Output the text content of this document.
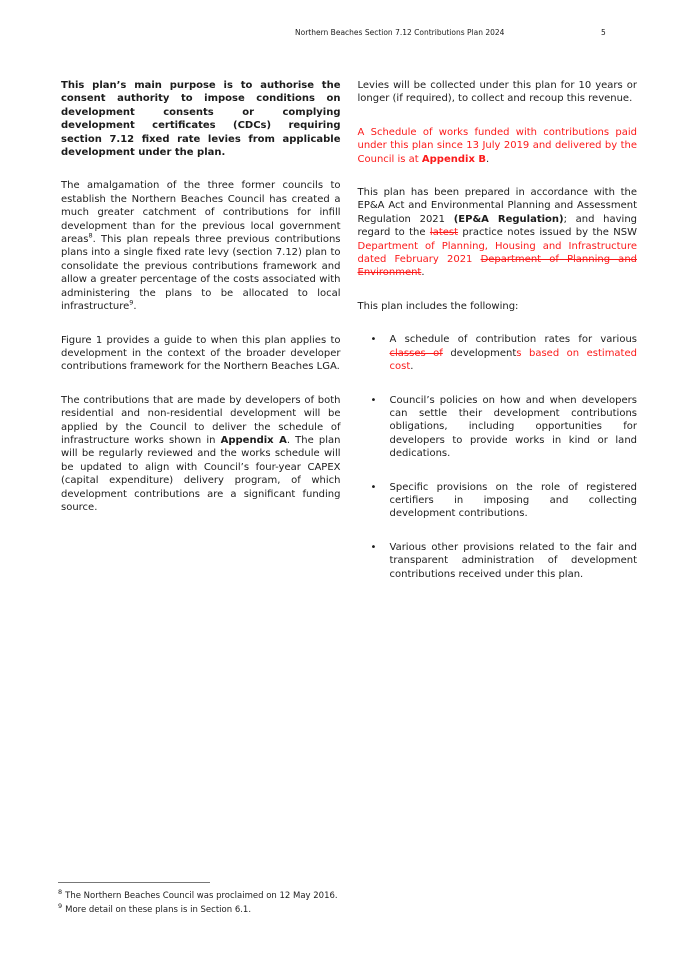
Northern Beaches Section 7.12 Contributions Plan 2024	5

This plan’s main purpose is to authorise the consent authority to impose conditions on development consents or complying development certificates (CDCs) requiring section 7.12 fixed rate levies from applicable development under the plan.

The amalgamation of the three former councils to establish the Northern Beaches Council has created a much greater catchment of contributions for infill development than for the previous local government areas$^8$. This plan repeals three previous contributions plans into a single fixed rate levy (section 7.12) plan to consolidate the previous contributions framework and allow a greater percentage of the costs associated with administering the plans to be allocated to local infrastructure$^9$.

Figure 1 provides a guide to when this plan applies to development in the context of the broader developer contributions framework for the Northern Beaches LGA.

The contributions that are made by developers of both residential and non-residential development will be applied by the Council to deliver the schedule of infrastructure works shown in Appendix A. The plan will be regularly reviewed and the works schedule will be updated to align with Council’s four-year CAPEX (capital expenditure) delivery program, of which development contributions are a significant funding source.

Levies will be collected under this plan for 10 years or longer (if required), to collect and recoup this revenue.

A Schedule of works funded with contributions paid under this plan since 13 July 2019 and delivered by the Council is at Appendix B.

This plan has been prepared in accordance with the EP&A Act and Environmental Planning and Assessment Regulation 2021 (EP&A Regulation); and having regard to the latest practice notes issued by the NSW Department of Planning, Housing and Infrastructure dated February 2021 Department of Planning and Environment.

This plan includes the following:

• A schedule of contribution rates for various classes of developments based on estimated cost.

• Council’s policies on how and when developers can settle their development contributions obligations, including opportunities for developers to provide works in kind or land dedications.

• Specific provisions on the role of registered certifiers in imposing and collecting development contributions.

• Various other provisions related to the fair and transparent administration of development contributions received under this plan.

$^8$ The Northern Beaches Council was proclaimed on 12 May 2016.
$^9$ More detail on these plans is in Section 6.1.
